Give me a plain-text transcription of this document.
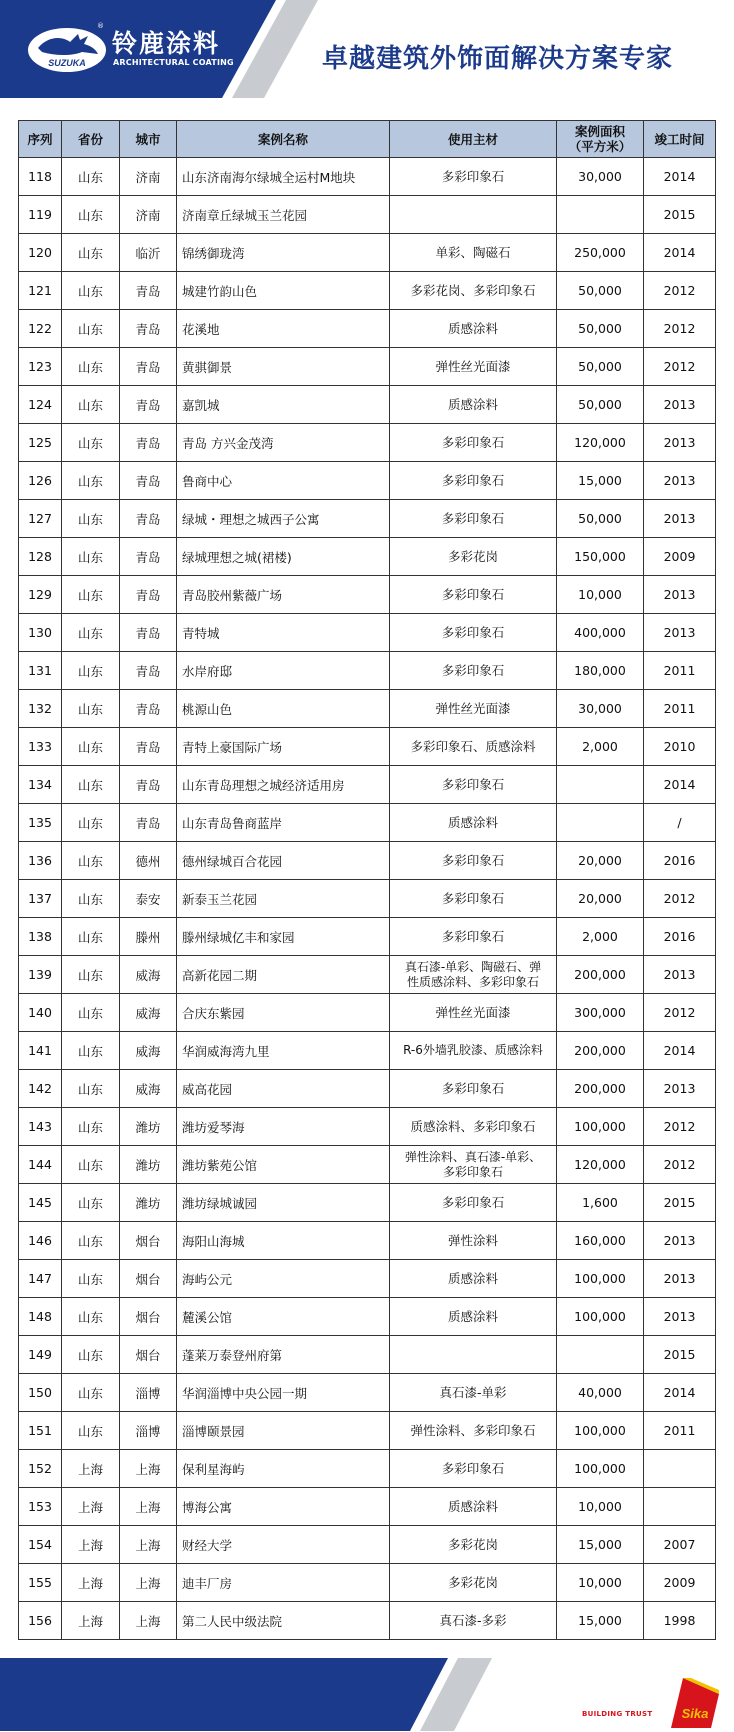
SUZUKA
®
铃鹿涂料
ARCHITECTURAL COATING	卓越建筑外饰面解决方案专家
序列	省份	城市	案例名称	使用主材	案例面积
（平方米）	竣工时间
118	山东	济南	山东济南海尔绿城全运村M地块	多彩印象石	30,000	2014
119	山东	济南	济南章丘绿城玉兰花园			2015
120	山东	临沂	锦绣御珑湾	单彩、陶磁石	250,000	2014
121	山东	青岛	城建竹韵山色	多彩花岗、多彩印象石	50,000	2012
122	山东	青岛	花溪地	质感涂料	50,000	2012
123	山东	青岛	黄骐御景	弹性丝光面漆	50,000	2012
124	山东	青岛	嘉凯城	质感涂料	50,000	2013
125	山东	青岛	青岛 方兴金茂湾	多彩印象石	120,000	2013
126	山东	青岛	鲁商中心	多彩印象石	15,000	2013
127	山东	青岛	绿城・理想之城西子公寓	多彩印象石	50,000	2013
128	山东	青岛	绿城理想之城(裙楼)	多彩花岗	150,000	2009
129	山东	青岛	青岛胶州紫薇广场	多彩印象石	10,000	2013
130	山东	青岛	青特城	多彩印象石	400,000	2013
131	山东	青岛	水岸府邸	多彩印象石	180,000	2011
132	山东	青岛	桃源山色	弹性丝光面漆	30,000	2011
133	山东	青岛	青特上豪国际广场	多彩印象石、质感涂料	2,000	2010
134	山东	青岛	山东青岛理想之城经济适用房	多彩印象石		2014
135	山东	青岛	山东青岛鲁商蓝岸	质感涂料		/
136	山东	德州	德州绿城百合花园	多彩印象石	20,000	2016
137	山东	泰安	新泰玉兰花园	多彩印象石	20,000	2012
138	山东	滕州	滕州绿城亿丰和家园	多彩印象石	2,000	2016
139	山东	威海	高新花园二期	真石漆-单彩、陶磁石、弹
性质感涂料、多彩印象石	200,000	2013
140	山东	威海	合庆东紫园	弹性丝光面漆	300,000	2012
141	山东	威海	华润威海湾九里	R-6外墙乳胶漆、质感涂料	200,000	2014
142	山东	威海	威高花园	多彩印象石	200,000	2013
143	山东	潍坊	潍坊爱琴海	质感涂料、多彩印象石	100,000	2012
144	山东	潍坊	潍坊紫苑公馆	弹性涂料、真石漆-单彩、
多彩印象石	120,000	2012
145	山东	潍坊	潍坊绿城诚园	多彩印象石	1,600	2015
146	山东	烟台	海阳山海城	弹性涂料	160,000	2013
147	山东	烟台	海屿公元	质感涂料	100,000	2013
148	山东	烟台	麓溪公馆	质感涂料	100,000	2013
149	山东	烟台	蓬莱万泰登州府第			2015
150	山东	淄博	华润淄博中央公园一期	真石漆-单彩	40,000	2014
151	山东	淄博	淄博颐景园	弹性涂料、多彩印象石	100,000	2011
152	上海	上海	保利星海屿	多彩印象石	100,000	
153	上海	上海	博海公寓	质感涂料	10,000	
154	上海	上海	财经大学	多彩花岗	15,000	2007
155	上海	上海	迪丰厂房	多彩花岗	10,000	2009
156	上海	上海	第二人民中级法院	真石漆-多彩	15,000	1998
BUILDING TRUST Sika
